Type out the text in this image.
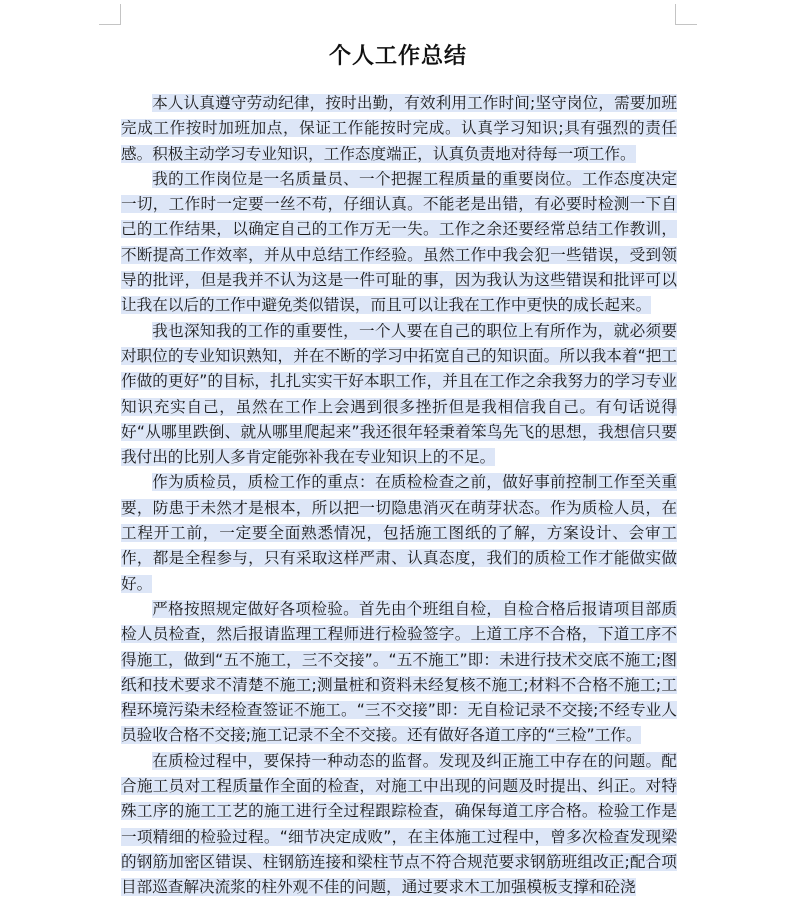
个人工作总结

本人认真遵守劳动纪律，按时出勤，有效利用工作时间;坚守岗位，需要加班完成工作按时加班加点，保证工作能按时完成。认真学习知识;具有强烈的责任感。积极主动学习专业知识，工作态度端正，认真负责地对待每一项工作。

我的工作岗位是一名质量员、一个把握工程质量的重要岗位。工作态度决定一切，工作时一定要一丝不苟，仔细认真。不能老是出错，有必要时检测一下自己的工作结果，以确定自己的工作万无一失。工作之余还要经常总结工作教训，不断提高工作效率，并从中总结工作经验。虽然工作中我会犯一些错误，受到领导的批评，但是我并不认为这是一件可耻的事，因为我认为这些错误和批评可以让我在以后的工作中避免类似错误，而且可以让我在工作中更快的成长起来。

我也深知我的工作的重要性，一个人要在自己的职位上有所作为，就必须要对职位的专业知识熟知，并在不断的学习中拓宽自己的知识面。所以我本着“把工作做的更好”的目标，扎扎实实干好本职工作，并且在工作之余我努力的学习专业知识充实自己，虽然在工作上会遇到很多挫折但是我相信我自己。有句话说得好“从哪里跌倒、就从哪里爬起来”我还很年轻秉着笨鸟先飞的思想，我想信只要我付出的比别人多肯定能弥补我在专业知识上的不足。

作为质检员，质检工作的重点：在质检检查之前，做好事前控制工作至关重要，防患于未然才是根本，所以把一切隐患消灭在萌芽状态。作为质检人员，在工程开工前，一定要全面熟悉情况，包括施工图纸的了解，方案设计、会审工作，都是全程参与，只有采取这样严肃、认真态度，我们的质检工作才能做实做好。

严格按照规定做好各项检验。首先由个班组自检，自检合格后报请项目部质检人员检查，然后报请监理工程师进行检验签字。上道工序不合格，下道工序不得施工，做到“五不施工，三不交接”。“五不施工”即：未进行技术交底不施工;图纸和技术要求不清楚不施工;测量桩和资料未经复核不施工;材料不合格不施工;工程环境污染未经检查签证不施工。“三不交接”即：无自检记录不交接;不经专业人员验收合格不交接;施工记录不全不交接。还有做好各道工序的“三检”工作。

在质检过程中，要保持一种动态的监督。发现及纠正施工中存在的问题。配合施工员对工程质量作全面的检查，对施工中出现的问题及时提出、纠正。对特殊工序的施工工艺的施工进行全过程跟踪检查，确保每道工序合格。检验工作是一项精细的检验过程。“细节决定成败”，在主体施工过程中，曾多次检查发现梁的钢筋加密区错误、柱钢筋连接和梁柱节点不符合规范要求钢筋班组改正;配合项目部巡查解决流浆的柱外观不佳的问题，通过要求木工加强模板支撑和砼浇
